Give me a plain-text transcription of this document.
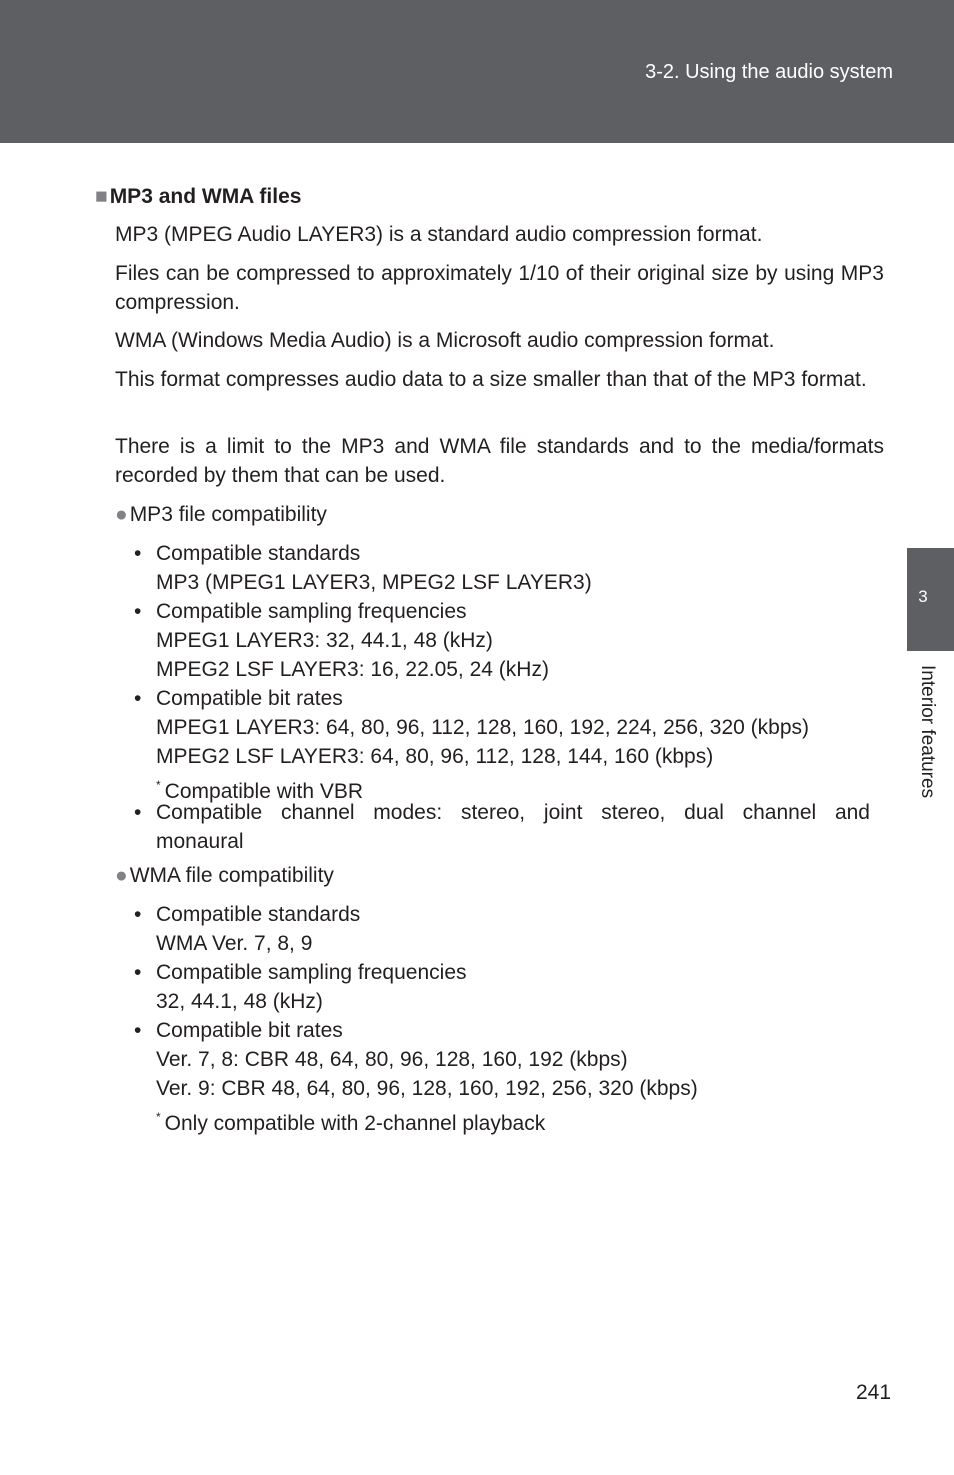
3-2. Using the audio system
3
Interior features
■MP3 and WMA files
MP3 (MPEG Audio LAYER3) is a standard audio compression format.
Files can be compressed to approximately 1/10 of their original size by using MP3 compression.
WMA (Windows Media Audio) is a Microsoft audio compression format.
This format compresses audio data to a size smaller than that of the MP3 format.
There is a limit to the MP3 and WMA file standards and to the media/formats recorded by them that can be used.
●MP3 file compatibility
• Compatible standards
MP3 (MPEG1 LAYER3, MPEG2 LSF LAYER3)
• Compatible sampling frequencies
MPEG1 LAYER3: 32, 44.1, 48 (kHz)
MPEG2 LSF LAYER3: 16, 22.05, 24 (kHz)
• Compatible bit rates
MPEG1 LAYER3: 64, 80, 96, 112, 128, 160, 192, 224, 256, 320 (kbps)
MPEG2 LSF LAYER3: 64, 80, 96, 112, 128, 144, 160 (kbps)
* Compatible with VBR
• Compatible channel modes: stereo, joint stereo, dual channel and
monaural
●WMA file compatibility
• Compatible standards
WMA Ver. 7, 8, 9
• Compatible sampling frequencies
32, 44.1, 48 (kHz)
• Compatible bit rates
Ver. 7, 8: CBR 48, 64, 80, 96, 128, 160, 192 (kbps)
Ver. 9: CBR 48, 64, 80, 96, 128, 160, 192, 256, 320 (kbps)
* Only compatible with 2-channel playback
241
